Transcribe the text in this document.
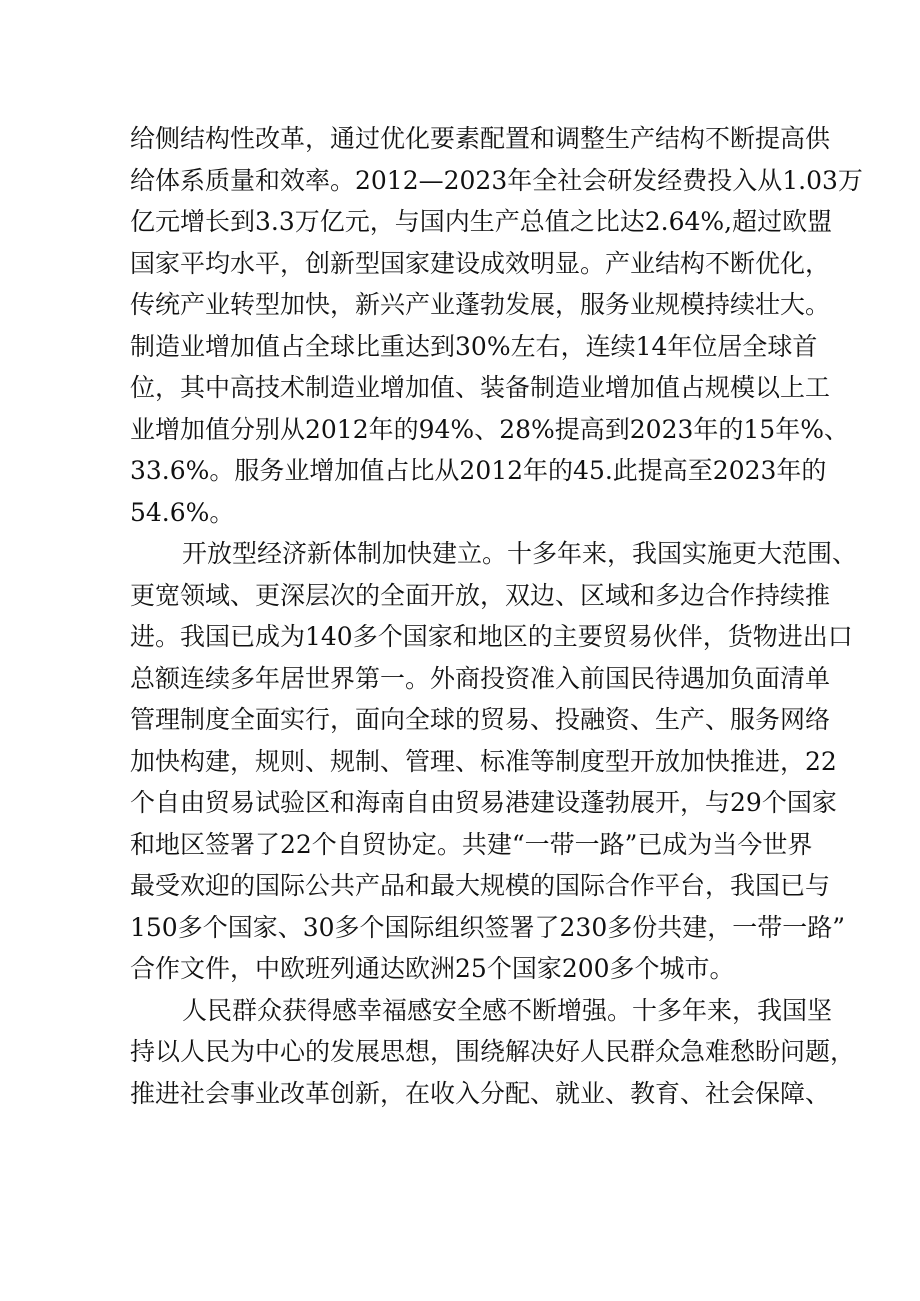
给侧结构性改革，通过优化要素配置和调整生产结构不断提高供
给体系质量和效率。2012—2023年全社会研发经费投入从1.03万
亿元增长到3.3万亿元，与国内生产总值之比达2.64%,超过欧盟
国家平均水平，创新型国家建设成效明显。产业结构不断优化，
传统产业转型加快，新兴产业蓬勃发展，服务业规模持续壮大。
制造业增加值占全球比重达到30%左右，连续14年位居全球首
位，其中高技术制造业增加值、装备制造业增加值占规模以上工
业增加值分别从2012年的94%、28%提高到2023年的15年%、
33.6%。服务业增加值占比从2012年的45.此提高至2023年的
54.6%。
开放型经济新体制加快建立。十多年来，我国实施更大范围、
更宽领域、更深层次的全面开放，双边、区域和多边合作持续推
进。我国已成为140多个国家和地区的主要贸易伙伴，货物进出口
总额连续多年居世界第一。外商投资准入前国民待遇加负面清单
管理制度全面实行，面向全球的贸易、投融资、生产、服务网络
加快构建，规则、规制、管理、标准等制度型开放加快推进，22
个自由贸易试验区和海南自由贸易港建设蓬勃展开，与29个国家
和地区签署了22个自贸协定。共建“一带一路”已成为当今世界
最受欢迎的国际公共产品和最大规模的国际合作平台，我国已与
150多个国家、30多个国际组织签署了230多份共建，一带一路”
合作文件，中欧班列通达欧洲25个国家200多个城市。
人民群众获得感幸福感安全感不断增强。十多年来，我国坚
持以人民为中心的发展思想，围绕解决好人民群众急难愁盼问题，
推进社会事业改革创新，在收入分配、就业、教育、社会保障、
